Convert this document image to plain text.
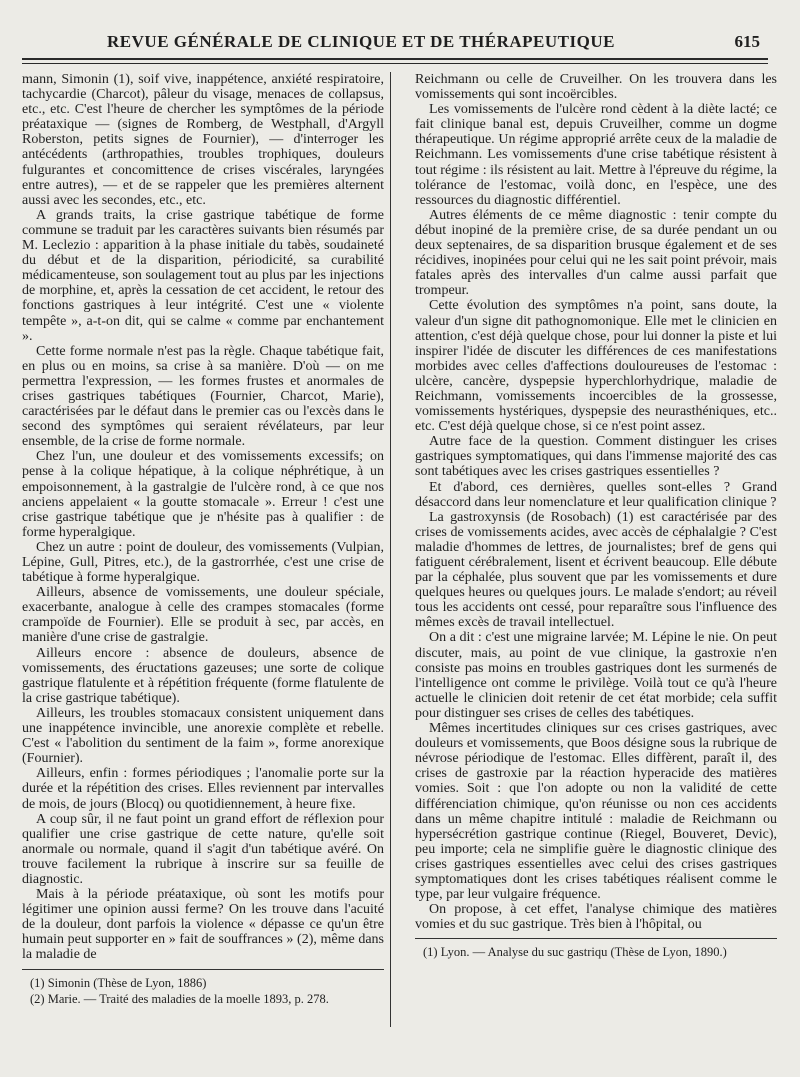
REVUE GÉNÉRALE DE CLINIQUE ET DE THÉRAPEUTIQUE	615

mann, Simonin (1), soif vive, inappétence, anxiété respiratoire, tachycardie (Charcot), pâleur du visage, menaces de collapsus, etc., etc. C'est l'heure de chercher les symptômes de la période préataxique — (signes de Romberg, de Westphall, d'Argyll Roberston, petits signes de Fournier), — d'interroger les antécédents (arthropathies, troubles trophiques, douleurs fulgurantes et concomittence de crises viscérales, laryngées entre autres), — et de se rappeler que les premières alternent aussi avec les secondes, etc., etc.

A grands traits, la crise gastrique tabétique de forme commune se traduit par les caractères suivants bien résumés par M. Leclezio : apparition à la phase initiale du tabès, soudaineté du début et de la disparition, périodicité, sa curabilité médicamenteuse, son soulagement tout au plus par les injections de morphine, et, après la cessation de cet accident, le retour des fonctions gastriques à leur intégrité. C'est une « violente tempête », a-t-on dit, qui se calme « comme par enchantement ».

Cette forme normale n'est pas la règle. Chaque tabétique fait, en plus ou en moins, sa crise à sa manière. D'où — on me permettra l'expression, — les formes frustes et anormales de crises gastriques tabétiques (Fournier, Charcot, Marie), caractérisées par le défaut dans le premier cas ou l'excès dans le second des symptômes qui seraient révélateurs, par leur ensemble, de la crise de forme normale.

Chez l'un, une douleur et des vomissements excessifs; on pense à la colique hépatique, à la colique néphrétique, à un empoisonnement, à la gastralgie de l'ulcère rond, à ce que nos anciens appelaient « la goutte stomacale ». Erreur ! c'est une crise gastrique tabétique que je n'hésite pas à qualifier : de forme hyperalgique.

Chez un autre : point de douleur, des vomissements (Vulpian, Lépine, Gull, Pitres, etc.), de la gastrorrhée, c'est une crise de tabétique à forme hyperalgique.

Ailleurs, absence de vomissements, une douleur spéciale, exacerbante, analogue à celle des crampes stomacales (forme crampoïde de Fournier). Elle se produit à sec, par accès, en manière d'une crise de gastralgie.

Ailleurs encore : absence de douleurs, absence de vomissements, des éructations gazeuses; une sorte de colique gastrique flatulente et à répétition fréquente (forme flatulente de la crise gastrique tabétique).

Ailleurs, les troubles stomacaux consistent uniquement dans une inappétence invincible, une anorexie complète et rebelle. C'est « l'abolition du sentiment de la faim », forme anorexique (Fournier).

Ailleurs, enfin : formes périodiques ; l'anomalie porte sur la durée et la répétition des crises. Elles reviennent par intervalles de mois, de jours (Blocq) ou quotidiennement, à heure fixe.

A coup sûr, il ne faut point un grand effort de réflexion pour qualifier une crise gastrique de cette nature, qu'elle soit anormale ou normale, quand il s'agit d'un tabétique avéré. On trouve facilement la rubrique à inscrire sur sa feuille de diagnostic.

Mais à la période préataxique, où sont les motifs pour légitimer une opinion aussi ferme? On les trouve dans l'acuité de la douleur, dont parfois la violence « dépasse ce qu'un être humain peut supporter en » fait de souffrances » (2), même dans la maladie de

(1) Simonin (Thèse de Lyon, 1886)
(2) Marie. — Traité des maladies de la moelle 1893, p. 278.

Reichmann ou celle de Cruveilher. On les trouvera dans les vomissements qui sont incoërcibles.

Les vomissements de l'ulcère rond cèdent à la diète lacté; ce fait clinique banal est, depuis Cruveilher, comme un dogme thérapeutique. Un régime approprié arrête ceux de la maladie de Reichmann. Les vomissements d'une crise tabétique résistent à tout régime : ils résistent au lait. Mettre à l'épreuve du régime, la tolérance de l'estomac, voilà donc, en l'espèce, une des ressources du diagnostic différentiel.

Autres éléments de ce même diagnostic : tenir compte du début inopiné de la première crise, de sa durée pendant un ou deux septenaires, de sa disparition brusque également et de ses récidives, inopinées pour celui qui ne les sait point prévoir, mais fatales après des intervalles d'un calme aussi parfait que trompeur.

Cette évolution des symptômes n'a point, sans doute, la valeur d'un signe dit pathognomonique. Elle met le clinicien en attention, c'est déjà quelque chose, pour lui donner la piste et lui inspirer l'idée de discuter les différences de ces manifestations morbides avec celles d'affections douloureuses de l'estomac : ulcère, cancère, dyspepsie hyperchlorhydrique, maladie de Reichmann, vomissements incoercibles de la grossesse, vomissements hystériques, dyspepsie des neurasthéniques, etc.. etc. C'est déjà quelque chose, si ce n'est point assez.

Autre face de la question. Comment distinguer les crises gastriques symptomatiques, qui dans l'immense majorité des cas sont tabétiques avec les crises gastriques essentielles ?

Et d'abord, ces dernières, quelles sont-elles ? Grand désaccord dans leur nomenclature et leur qualification clinique ?

La gastroxynsis (de Rosobach) (1) est caractérisée par des crises de vomissements acides, avec accès de céphalalgie ? C'est maladie d'hommes de lettres, de journalistes; bref de gens qui fatiguent cérébralement, lisent et écrivent beaucoup. Elle débute par la céphalée, plus souvent que par les vomissements et dure quelques heures ou quelques jours. Le malade s'endort; au réveil tous les accidents ont cessé, pour reparaître sous l'influence des mêmes excès de travail intellectuel.

On a dit : c'est une migraine larvée; M. Lépine le nie. On peut discuter, mais, au point de vue clinique, la gastroxie n'en consiste pas moins en troubles gastriques dont les surmenés de l'intelligence ont comme le privilège. Voilà tout ce qu'à l'heure actuelle le clinicien doit retenir de cet état morbide; cela suffit pour distinguer ses crises de celles des tabétiques.

Mêmes incertitudes cliniques sur ces crises gastriques, avec douleurs et vomissements, que Boos désigne sous la rubrique de névrose périodique de l'estomac. Elles diffèrent, paraît il, des crises de gastroxie par la réaction hyperacide des matières vomies. Soit : que l'on adopte ou non la validité de cette différenciation chimique, qu'on réunisse ou non ces accidents dans un même chapitre intitulé : maladie de Reichmann ou hypersécrétion gastrique continue (Riegel, Bouveret, Devic), peu importe; cela ne simplifie guère le diagnostic clinique des crises gastriques essentielles avec celui des crises gastriques symptomatiques dont les crises tabétiques réalisent comme le type, par leur vulgaire fréquence.

On propose, à cet effet, l'analyse chimique des matières vomies et du suc gastrique. Très bien à l'hôpital, ou

(1) Lyon. — Analyse du suc gastriqu (Thèse de Lyon, 1890.)
